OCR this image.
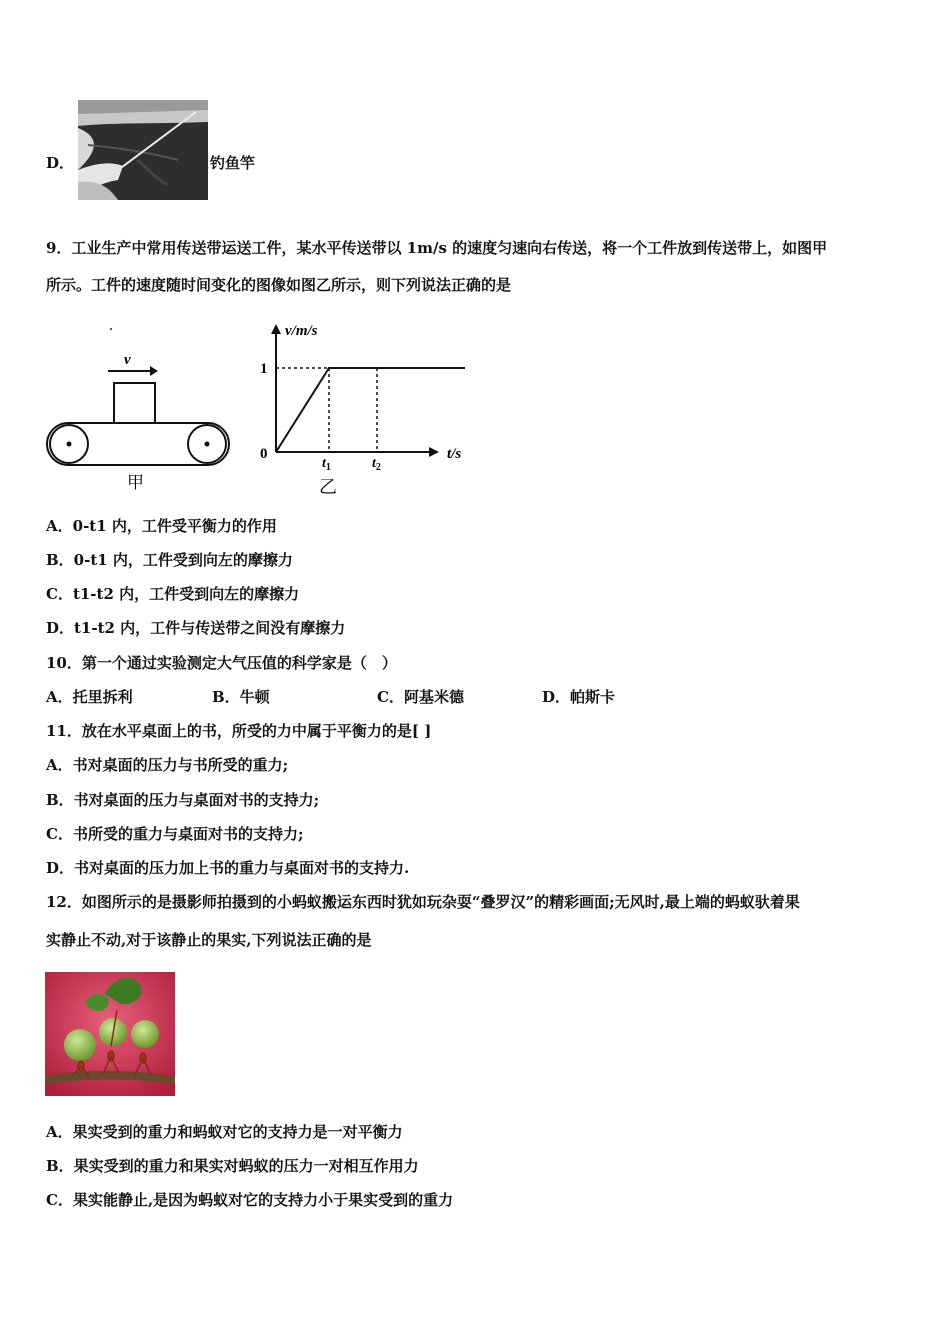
D．	钓鱼竿
9．工业生产中常用传送带运送工件，某水平传送带以 1m/s 的速度匀速向右传送，将一个工件放到传送带上，如图甲
所示。工件的速度随时间变化的图像如图乙所示，则下列说法正确的是
v
甲
v/m/s
t/s
0
1
$t_1$	$t_2$
乙
A．0-t1 内，工件受平衡力的作用
B．0-t1 内，工件受到向左的摩擦力
C．t1-t2 内，工件受到向左的摩擦力
D．t1-t2 内，工件与传送带之间没有摩擦力
10．第一个通过实验测定大气压值的科学家是（　）
A．托里拆利	B．牛顿	C．阿基米德	D．帕斯卡
11．放在水平桌面上的书，所受的力中属于平衡力的是[ ]
A．书对桌面的压力与书所受的重力;
B．书对桌面的压力与桌面对书的支持力;
C．书所受的重力与桌面对书的支持力;
D．书对桌面的压力加上书的重力与桌面对书的支持力.
12．如图所示的是摄影师拍摄到的小蚂蚁搬运东西时犹如玩杂耍“叠罗汉”的精彩画面;无风时,最上端的蚂蚁驮着果
实静止不动,对于该静止的果实,下列说法正确的是
A．果实受到的重力和蚂蚁对它的支持力是一对平衡力
B．果实受到的重力和果实对蚂蚁的压力一对相互作用力
C．果实能静止,是因为蚂蚁对它的支持力小于果实受到的重力
